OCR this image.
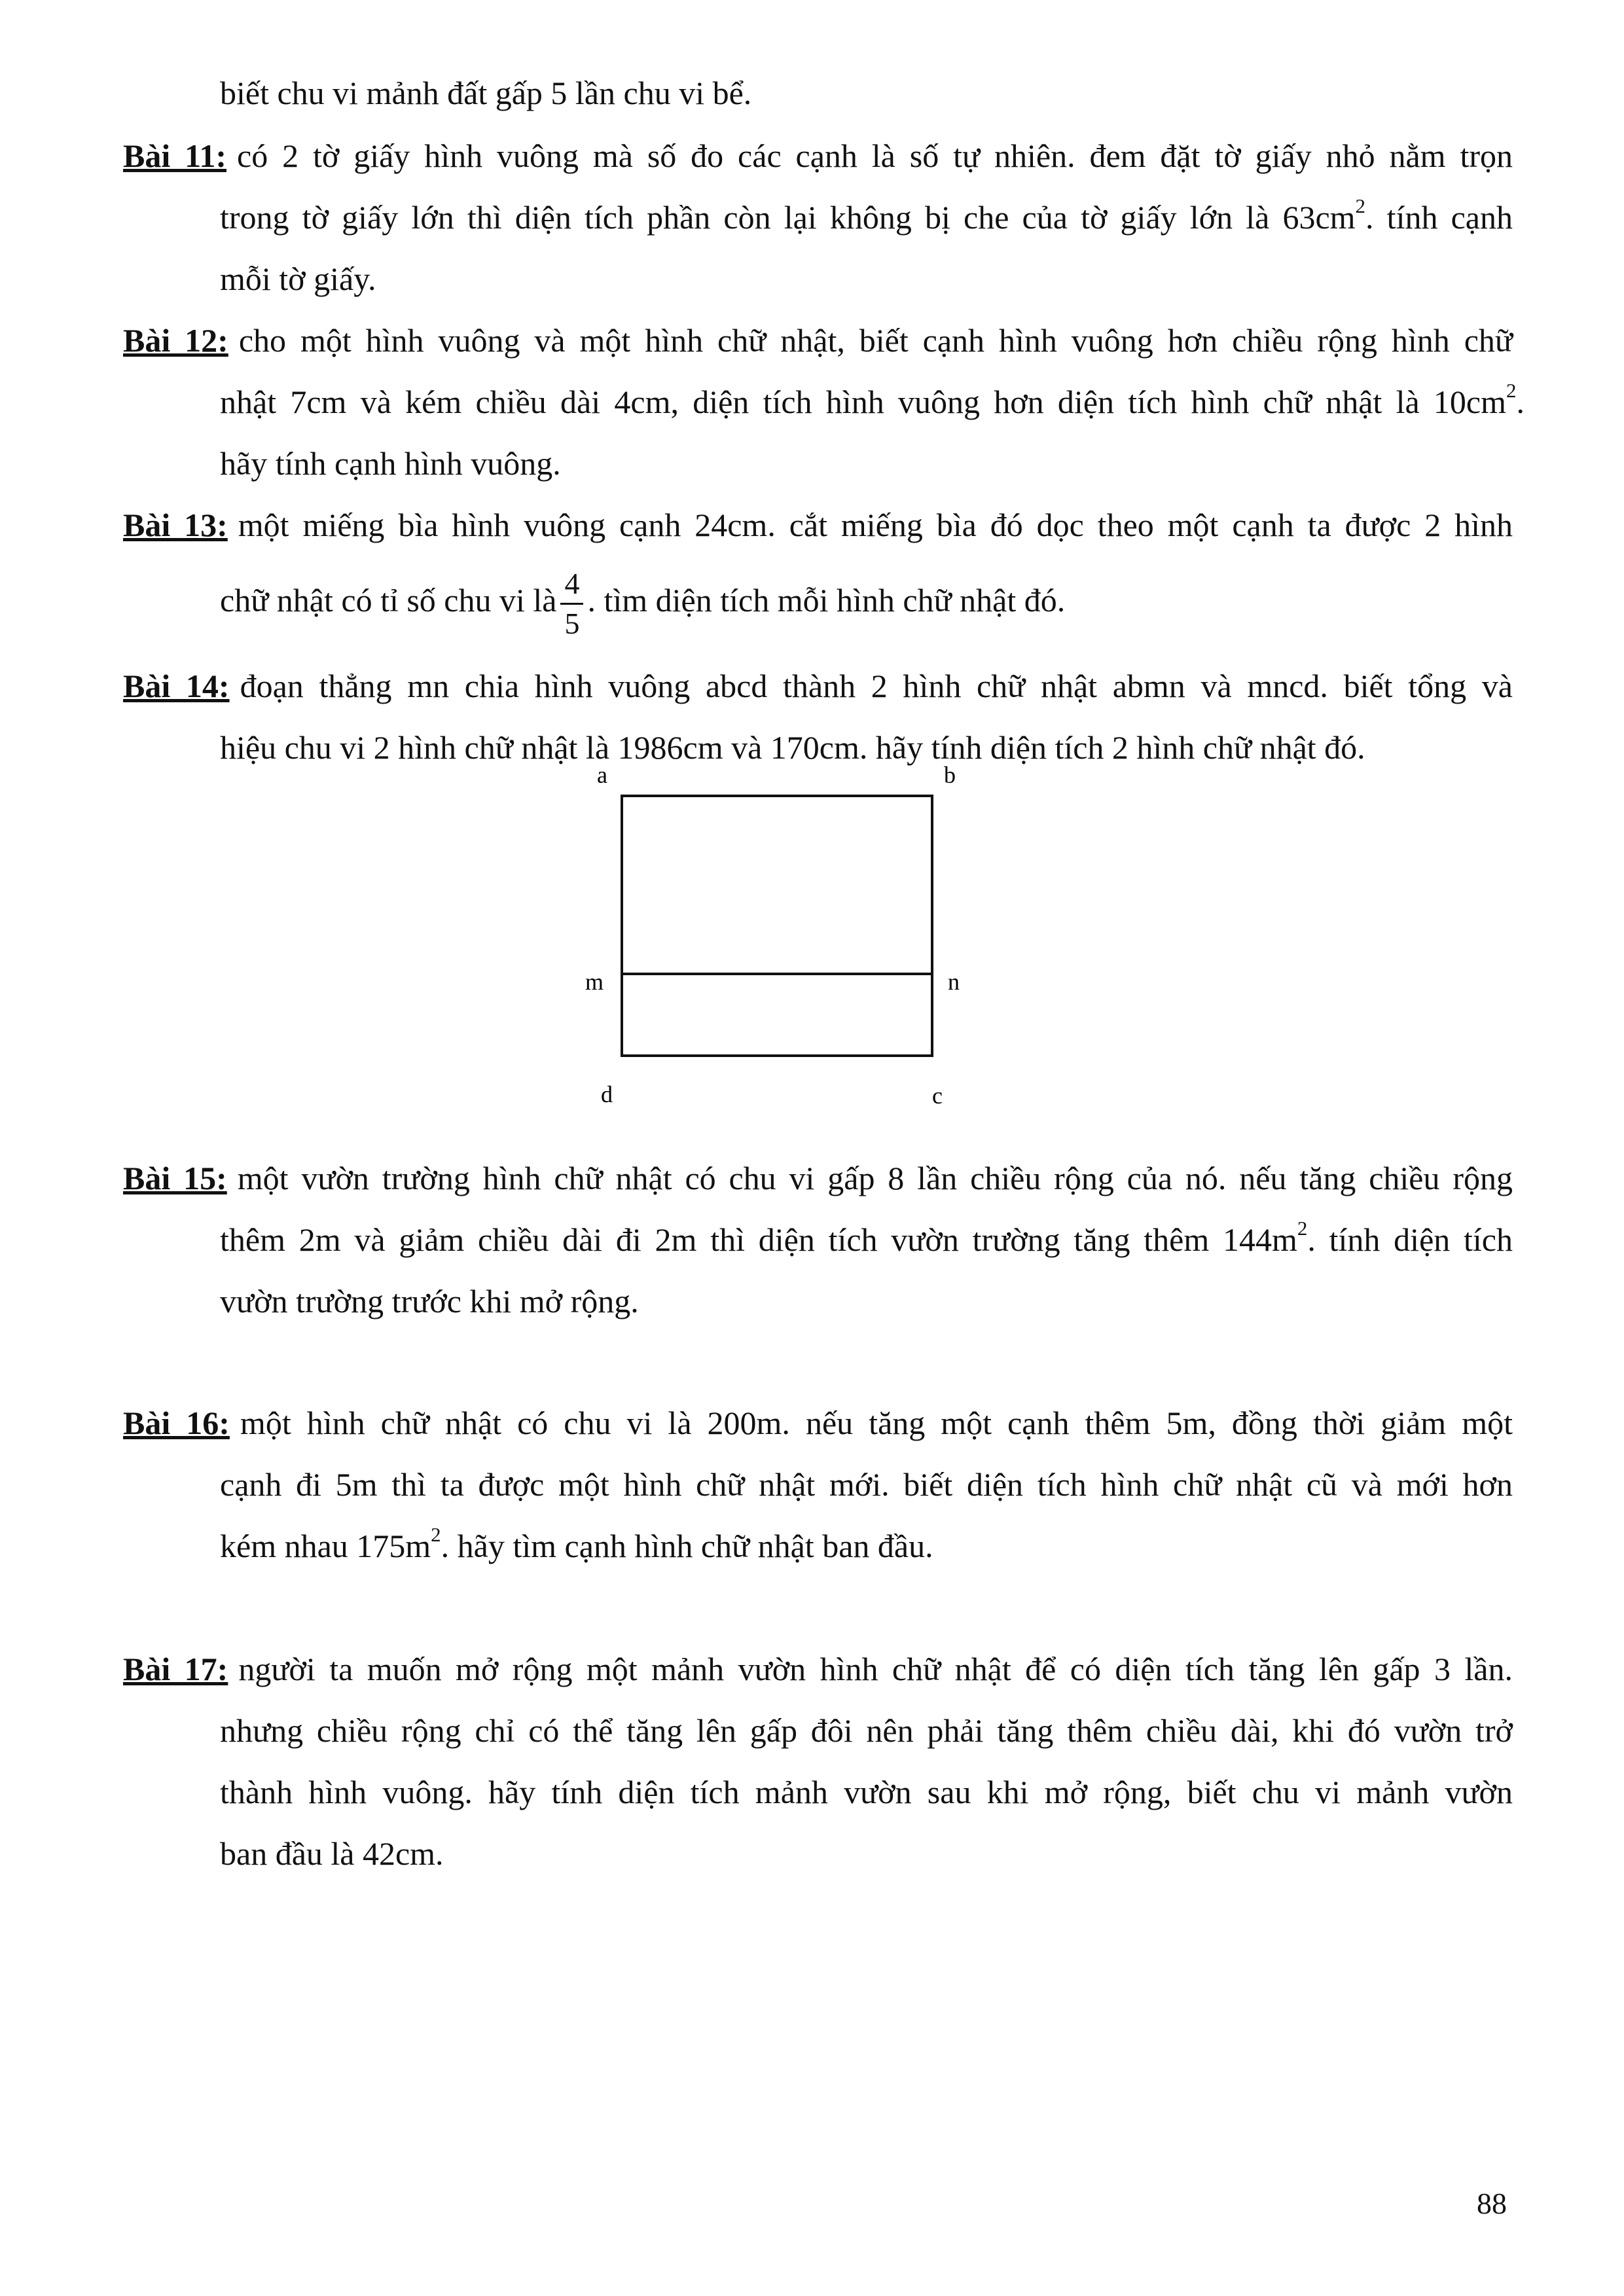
biết chu vi mảnh đất gấp 5 lần chu vi bể.
Bài 11: có 2 tờ giấy hình vuông mà số đo các cạnh là số tự nhiên. đem đặt tờ giấy nhỏ nằm trọn
trong tờ giấy lớn thì diện tích phần còn lại không bị che của tờ giấy lớn là $63cm^2$. tính cạnh
mỗi tờ giấy.
Bài 12: cho một hình vuông và một hình chữ nhật, biết cạnh hình vuông hơn chiều rộng hình chữ
nhật 7cm và kém chiều dài 4cm, diện tích hình vuông hơn diện tích hình chữ nhật là $10cm^2$.
hãy tính cạnh hình vuông.
Bài 13: một miếng bìa hình vuông cạnh 24cm. cắt miếng bìa đó dọc theo một cạnh ta được 2 hình
chữ nhật có tỉ số chu vi là $\frac{4}{5}$ . tìm diện tích mỗi hình chữ nhật đó.
Bài 14: đoạn thẳng mn chia hình vuông abcd thành 2 hình chữ nhật abmn và mncd. biết tổng và
hiệu chu vi 2 hình chữ nhật là 1986cm và 170cm. hãy tính diện tích 2 hình chữ nhật đó.
a	b
m	n
d	c
Bài 15: một vườn trường hình chữ nhật có chu vi gấp 8 lần chiều rộng của nó. nếu tăng chiều rộng
thêm 2m và giảm chiều dài đi 2m thì diện tích vườn trường tăng thêm $144m^2$. tính diện tích
vườn trường trước khi mở rộng.
Bài 16: một hình chữ nhật có chu vi là 200m. nếu tăng một cạnh thêm 5m, đồng thời giảm một
cạnh đi 5m thì ta được một hình chữ nhật mới. biết diện tích hình chữ nhật cũ và mới hơn
kém nhau $175m^2$. hãy tìm cạnh hình chữ nhật ban đầu.
Bài 17: người ta muốn mở rộng một mảnh vườn hình chữ nhật để có diện tích tăng lên gấp 3 lần.
nhưng chiều rộng chỉ có thể tăng lên gấp đôi nên phải tăng thêm chiều dài, khi đó vườn trở
thành hình vuông. hãy tính diện tích mảnh vườn sau khi mở rộng, biết chu vi mảnh vườn
ban đầu là 42cm.
88
